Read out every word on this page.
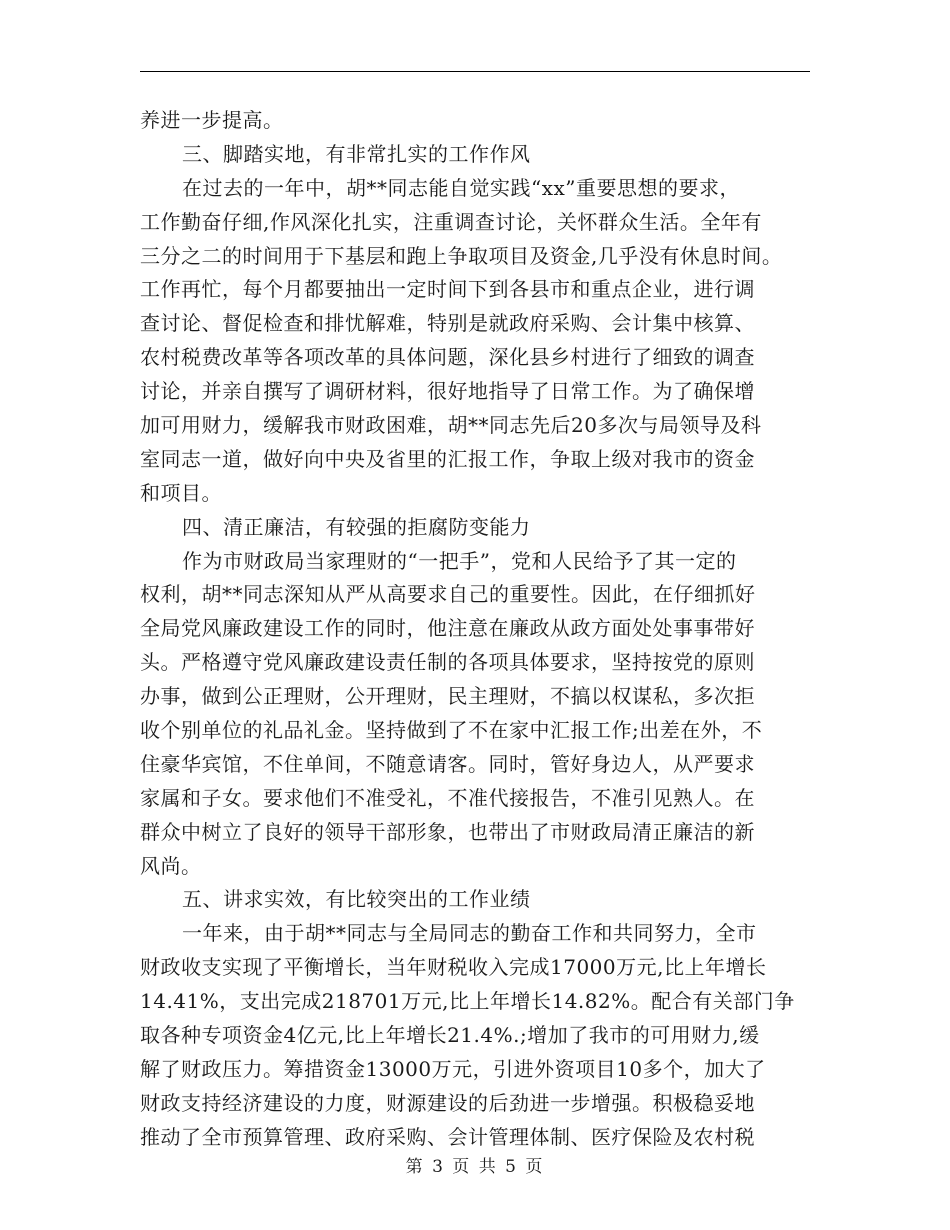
养进一步提高。
三、脚踏实地，有非常扎实的工作作风
在过去的一年中，胡**同志能自觉实践“xx”重要思想的要求，
工作勤奋仔细,作风深化扎实，注重调查讨论，关怀群众生活。全年有
三分之二的时间用于下基层和跑上争取项目及资金,几乎没有休息时间。
工作再忙，每个月都要抽出一定时间下到各县市和重点企业，进行调
查讨论、督促检查和排忧解难，特别是就政府采购、会计集中核算、
农村税费改革等各项改革的具体问题，深化县乡村进行了细致的调查
讨论，并亲自撰写了调研材料，很好地指导了日常工作。为了确保增
加可用财力，缓解我市财政困难，胡**同志先后20多次与局领导及科
室同志一道，做好向中央及省里的汇报工作，争取上级对我市的资金
和项目。
四、清正廉洁，有较强的拒腐防变能力
作为市财政局当家理财的“一把手”，党和人民给予了其一定的
权利，胡**同志深知从严从高要求自己的重要性。因此，在仔细抓好
全局党风廉政建设工作的同时，他注意在廉政从政方面处处事事带好
头。严格遵守党风廉政建设责任制的各项具体要求，坚持按党的原则
办事，做到公正理财，公开理财，民主理财，不搞以权谋私，多次拒
收个别单位的礼品礼金。坚持做到了不在家中汇报工作;出差在外，不
住豪华宾馆，不住单间，不随意请客。同时，管好身边人，从严要求
家属和子女。要求他们不准受礼，不准代接报告，不准引见熟人。在
群众中树立了良好的领导干部形象，也带出了市财政局清正廉洁的新
风尚。
五、讲求实效，有比较突出的工作业绩
一年来，由于胡**同志与全局同志的勤奋工作和共同努力，全市
财政收支实现了平衡增长，当年财税收入完成17000万元,比上年增长
14.41%，支出完成218701万元,比上年增长14.82%。配合有关部门争
取各种专项资金4亿元,比上年增长21.4%.;增加了我市的可用财力,缓
解了财政压力。筹措资金13000万元，引进外资项目10多个，加大了
财政支持经济建设的力度，财源建设的后劲进一步增强。积极稳妥地
推动了全市预算管理、政府采购、会计管理体制、医疗保险及农村税
第 3 页 共 5 页
